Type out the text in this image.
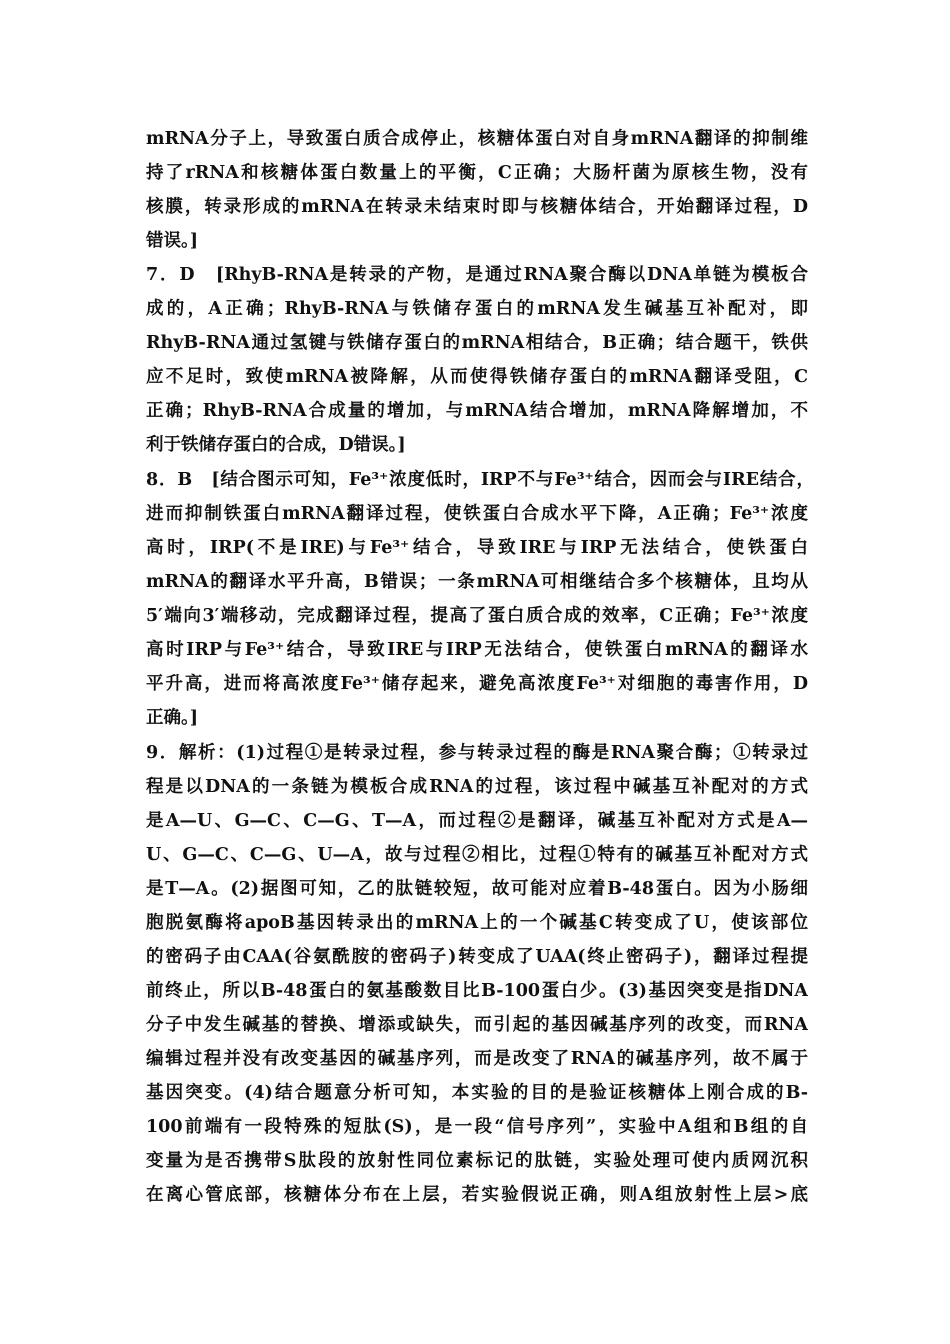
mRNA分子上，导致蛋白质合成停止，核糖体蛋白对自身mRNA翻译的抑制维
持了rRNA和核糖体蛋白数量上的平衡，C正确；大肠杆菌为原核生物，没有
核膜，转录形成的mRNA在转录未结束时即与核糖体结合，开始翻译过程，D
错误。]
7．D　[RhyB-RNA是转录的产物，是通过RNA聚合酶以DNA单链为模板合
成的，A正确；RhyB-RNA与铁储存蛋白的mRNA发生碱基互补配对，即
RhyB-RNA通过氢键与铁储存蛋白的mRNA相结合，B正确；结合题干，铁供
应不足时，致使mRNA被降解，从而使得铁储存蛋白的mRNA翻译受阻，C
正确；RhyB-RNA合成量的增加，与mRNA结合增加，mRNA降解增加，不
利于铁储存蛋白的合成，D错误。]
8．B　[结合图示可知，Fe³⁺浓度低时，IRP不与Fe³⁺结合，因而会与IRE结合，
进而抑制铁蛋白mRNA翻译过程，使铁蛋白合成水平下降，A正确；Fe³⁺浓度
高时，IRP(不是IRE)与Fe³⁺结合，导致IRE与IRP无法结合，使铁蛋白
mRNA的翻译水平升高，B错误；一条mRNA可相继结合多个核糖体，且均从
5′端向3′端移动，完成翻译过程，提高了蛋白质合成的效率，C正确；Fe³⁺浓度
高时IRP与Fe³⁺结合，导致IRE与IRP无法结合，使铁蛋白mRNA的翻译水
平升高，进而将高浓度Fe³⁺储存起来，避免高浓度Fe³⁺对细胞的毒害作用，D
正确。]
9．解析：(1)过程①是转录过程，参与转录过程的酶是RNA聚合酶；①转录过
程是以DNA的一条链为模板合成RNA的过程，该过程中碱基互补配对的方式
是A—U、G—C、C—G、T—A，而过程②是翻译，碱基互补配对方式是A—
U、G—C、C—G、U—A，故与过程②相比，过程①特有的碱基互补配对方式
是T—A。(2)据图可知，乙的肽链较短，故可能对应着B-48蛋白。因为小肠细
胞脱氨酶将apoB基因转录出的mRNA上的一个碱基C转变成了U，使该部位
的密码子由CAA(谷氨酰胺的密码子)转变成了UAA(终止密码子)，翻译过程提
前终止，所以B-48蛋白的氨基酸数目比B-100蛋白少。(3)基因突变是指DNA
分子中发生碱基的替换、增添或缺失，而引起的基因碱基序列的改变，而RNA
编辑过程并没有改变基因的碱基序列，而是改变了RNA的碱基序列，故不属于
基因突变。(4)结合题意分析可知，本实验的目的是验证核糖体上刚合成的B-
100前端有一段特殊的短肽(S)，是一段“信号序列”，实验中A组和B组的自
变量为是否携带S肽段的放射性同位素标记的肽链，实验处理可使内质网沉积
在离心管底部，核糖体分布在上层，若实验假说正确，则A组放射性上层>底
